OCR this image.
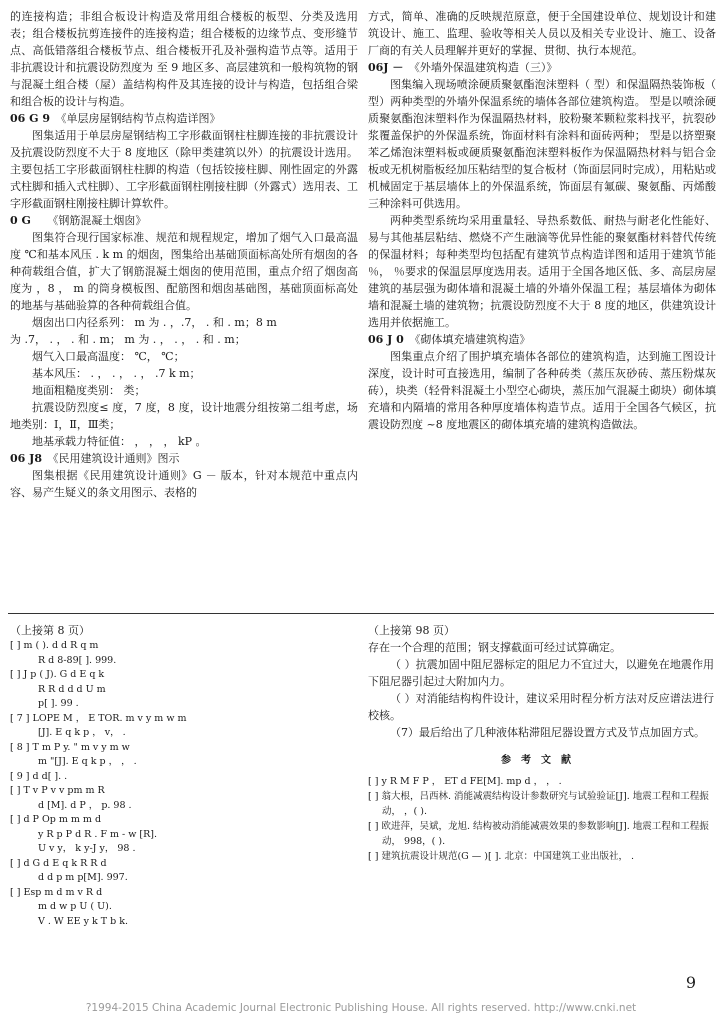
的连接构造；非组合板设计构造及常用组合楼板的板型、分类及选用表；组合楼板抗剪连接件的连接构造；组合楼板的边缘节点、变形缝节点、高低错落组合楼板节点、组合楼板开孔及补强构造节点等。适用于非抗震设计和抗震设防烈度为 至 9 地区多、高层建筑和一般构筑物的钢与混凝土组合楼（屋）盖结构构件及其连接的设计与构造，包括组合梁和组合板的设计与构造。

06 G 9　 《单层房屋钢结构节点构造详图》

图集适用于单层房屋钢结构工字形截面钢柱柱脚连接的非抗震设计及抗震设防烈度不大于 8 度地区（除甲类建筑以外）的抗震设计选用。主要包括工字形截面钢柱柱脚的构造（包括铰接柱脚、刚性固定的外露式柱脚和插入式柱脚）、工字形截面钢柱刚接柱脚（外露式）选用表、工字形截面钢柱刚接柱脚计算软件。

0 G　　 《钢筋混凝土烟囱》

图集符合现行国家标准、规范和规程规定，增加了烟气入口最高温度 ℃和基本风压 . k m 的烟囱，图集给出基础顶面标高处所有烟囱的各种荷载组合值，扩大了钢筋混凝土烟囱的使用范围，重点介绍了烟囱高度为 ，8 ， m 的筒身模板图、配筋图和烟囱基础图，基础顶面标高处的地基与基础验算的各种荷载组合值。

烟囱出口内径系列： m 为 . ，.7， . 和 . m；8 m

为 .7， . ， . 和 . m； m 为 . ， . ， . 和 . m；

烟气入口最高温度： ℃， ℃；

基本风压： . ， . ， . ， .7 k m；

地面粗糙度类别： 类；

抗震设防烈度≤ 度，7 度，8 度，设计地震分组按第二组考虑，场地类别：Ⅰ，Ⅱ，Ⅲ类；

地基承载力特征值： ， ， ， kP 。

06 J8　 《民用建筑设计通则》图示

图集根据《民用建筑设计通则》G － 版本，针对本规范中重点内容、易产生疑义的条文用图示、表格的

方式，简单、准确的反映规范原意，便于全国建设单位、规划设计和建筑设计、施工、监理、验收等相关人员以及相关专业设计、施工、设备厂商的有关人员理解并更好的掌握、贯彻、执行本规范。

06J －　 《外墙外保温建筑构造（三）》

图集编入现场喷涂硬质聚氨酯泡沫塑料（ 型）和保温隔热装饰板（ 型）两种类型的外墙外保温系统的墙体各部位建筑构造。 型是以喷涂硬质聚氨酯泡沫塑料作为保温隔热材料，胶粉聚苯颗粒浆料找平，抗裂砂浆覆盖保护的外保温系统，饰面材料有涂料和面砖两种； 型是以挤塑聚苯乙烯泡沫塑料板或硬质聚氨酯泡沫塑料板作为保温隔热材料与铝合金板或无机树脂板经加压粘结型的复合板材（饰面层同时完成），用粘贴或机械固定于基层墙体上的外保温系统，饰面层有氟碳、聚氨酯、丙烯酸三种涂料可供选用。

两种类型系统均采用重量轻、导热系数低、耐热与耐老化性能好、易与其他基层粘结、燃烧不产生融滴等优异性能的聚氨酯材料替代传统的保温材料；每种类型均包括配有建筑节点构造详图和适用于建筑节能 ％， ％要求的保温层厚度选用表。适用于全国各地区低、多、高层房屋建筑的基层强为砌体墙和混凝土墙的外墙外保温工程；基层墙体为砌体墙和混凝土墙的建筑物；抗震设防烈度不大于 8 度的地区，供建筑设计选用并依据施工。

06 J 0　 《砌体填充墙建筑构造》

图集重点介绍了围护填充墙体各部位的建筑构造，达到施工图设计深度，设计时可直接选用，编制了各种砖类（蒸压灰砂砖、蒸压粉煤灰砖），块类（轻骨料混凝土小型空心砌块，蒸压加气混凝土砌块）砌体填充墙和内隔墙的常用各种厚度墙体构造节点。适用于全国各气候区，抗震设防烈度 ~8 度地震区的砌体填充墙的建筑构造做法。

（上接第 8 页）

[ ] m ( ). d d R q m

R d 8-89[ ]. 999.

[ ] J p ( J). G d E q k

R R d d d U m

p[ ]. 99 .

[ 7 ] LOPE M ， E TOR. m v y m w m

[J]. E q k p ， v， .

[ 8 ] T m P y. " m v y m w

m "[J]. E q k p ， ， .

[ 9 ] d d[ ]. .

[ ] T v P v v pm m R

d [M]. d P ， p. 98 .

[ ] d P Op m m m d

y R p P d R . F m - w [R].

U v y， k y-J y， 98 .

[ ] d G d E q k R R d

d d p m p[M]. 997.

[ ] Esp m d m v R d

m d w p U ( U).

V . W EE y k T b k.

（上接第 98 页）

存在一个合理的范围；钢支撑截面可经过试算确定。

（ ）抗震加固中阻尼器标定的阻尼力不宜过大，以避免在地震作用下阻尼器引起过大附加内力。

（ ）对消能结构构件设计，建议采用时程分析方法对反应谱法进行校核。

（7）最后给出了几种液体粘滞阻尼器设置方式及节点加固方式。

参考文献

[ ] y R M F P ， ET d FE[M]. mp d ， ， .

[ ] 翁大根，吕西林. 消能减震结构设计参数研究与试验验证[J]. 地震工程和工程振动， ，( ).

[ ] 欧进萍，吴斌，龙旭. 结构被动消能减震效果的参数影响[J]. 地震工程和工程振动， 998，( ).

[ ] 建筑抗震设计规范(G — )[ ]. 北京：中国建筑工业出版社， .

9
?1994-2015 China Academic Journal Electronic Publishing House. All rights reserved. http://www.cnki.net
